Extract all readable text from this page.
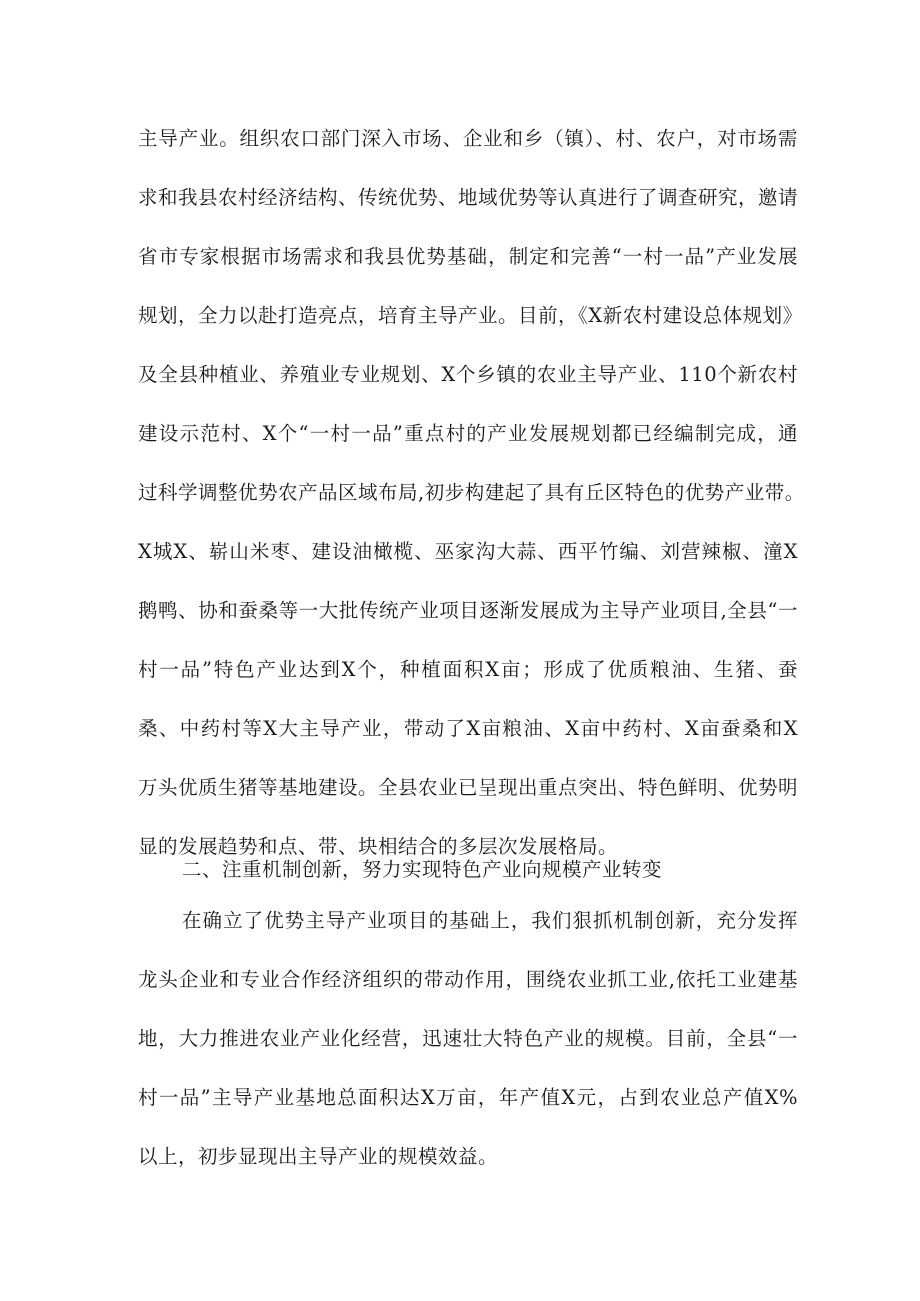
主导产业。组织农口部门深入市场、企业和乡（镇）、村、农户，对市场需
求和我县农村经济结构、传统优势、地域优势等认真进行了调查研究，邀请
省市专家根据市场需求和我县优势基础，制定和完善“一村一品”产业发展
规划，全力以赴打造亮点，培育主导产业。目前，《X新农村建设总体规划》
及全县种植业、养殖业专业规划、X个乡镇的农业主导产业、110个新农村
建设示范村、X个“一村一品”重点村的产业发展规划都已经编制完成，通
过科学调整优势农产品区域布局,初步构建起了具有丘区特色的优势产业带。
X城X、崭山米枣、建设油橄榄、巫家沟大蒜、西平竹编、刘营辣椒、潼X
鹅鸭、协和蚕桑等一大批传统产业项目逐渐发展成为主导产业项目,全县“一
村一品”特色产业达到X个，种植面积X亩；形成了优质粮油、生猪、蚕
桑、中药村等X大主导产业，带动了X亩粮油、X亩中药村、X亩蚕桑和X
万头优质生猪等基地建设。全县农业已呈现出重点突出、特色鲜明、优势明
显的发展趋势和点、带、块相结合的多层次发展格局。
二、注重机制创新，努力实现特色产业向规模产业转变
在确立了优势主导产业项目的基础上，我们狠抓机制创新，充分发挥
龙头企业和专业合作经济组织的带动作用，围绕农业抓工业,依托工业建基
地，大力推进农业产业化经营，迅速壮大特色产业的规模。目前，全县“一
村一品”主导产业基地总面积达X万亩，年产值X元，占到农业总产值X%
以上，初步显现出主导产业的规模效益。
